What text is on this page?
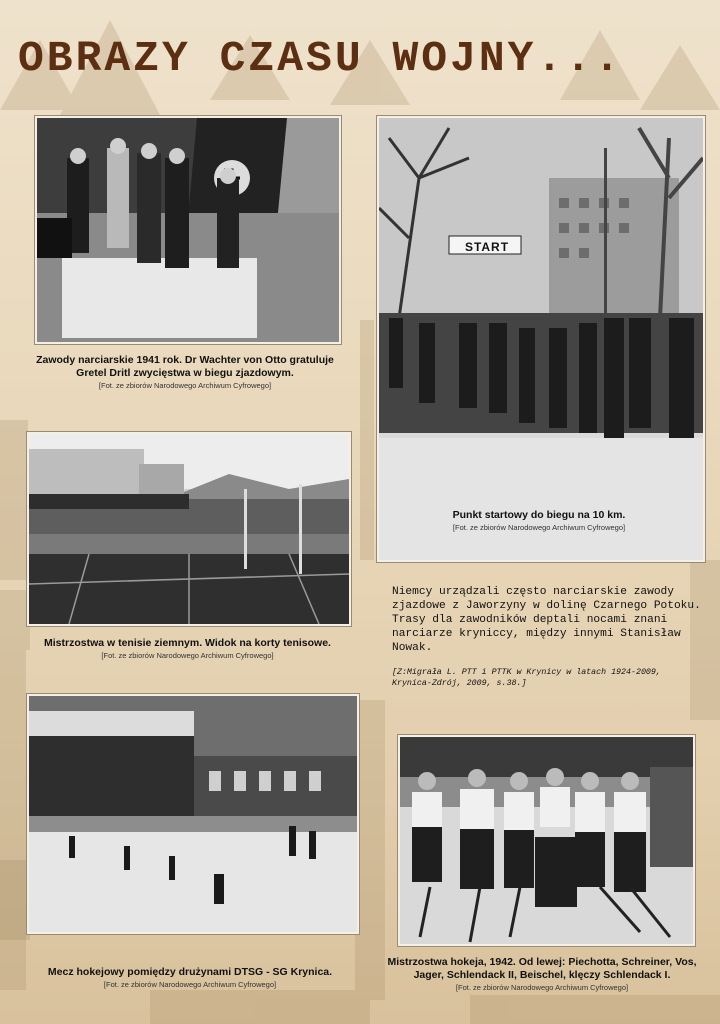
OBRAZY CZASU WOJNY...
Zawody narciarskie 1941 rok. Dr Wachter von Otto gratuluje Gretel Dritl zwycięstwa w biegu zjazdowym.
[Fot. ze zbiorów Narodowego Archiwum Cyfrowego]
START
Punkt startowy do biegu na 10 km.
[Fot. ze zbiorów Narodowego Archiwum Cyfrowego]
Mistrzostwa w tenisie ziemnym. Widok na korty tenisowe.
[Fot. ze zbiorów Narodowego Archiwum Cyfrowego]
Mecz hokejowy pomiędzy drużynami DTSG - SG Krynica.
[Fot. ze zbiorów Narodowego Archiwum Cyfrowego]
Mistrzostwa hokeja, 1942. Od lewej: Piechotta, Schreiner, Vos, Jager, Schlendack II, Beischel, klęczy Schlendack I.
[Fot. ze zbiorów Narodowego Archiwum Cyfrowego]

Niemcy urządzali często narciarskie zawody zjazdowe z Jaworzyny w dolinę Czarnego Potoku. Trasy dla zawodników deptali nocami znani narciarze kryniccy, między innymi Stanisław Nowak.

[Z:Migrała L. PTT i PTTK w Krynicy w latach 1924-2009, Krynica-Zdrój, 2009, s.38.]
